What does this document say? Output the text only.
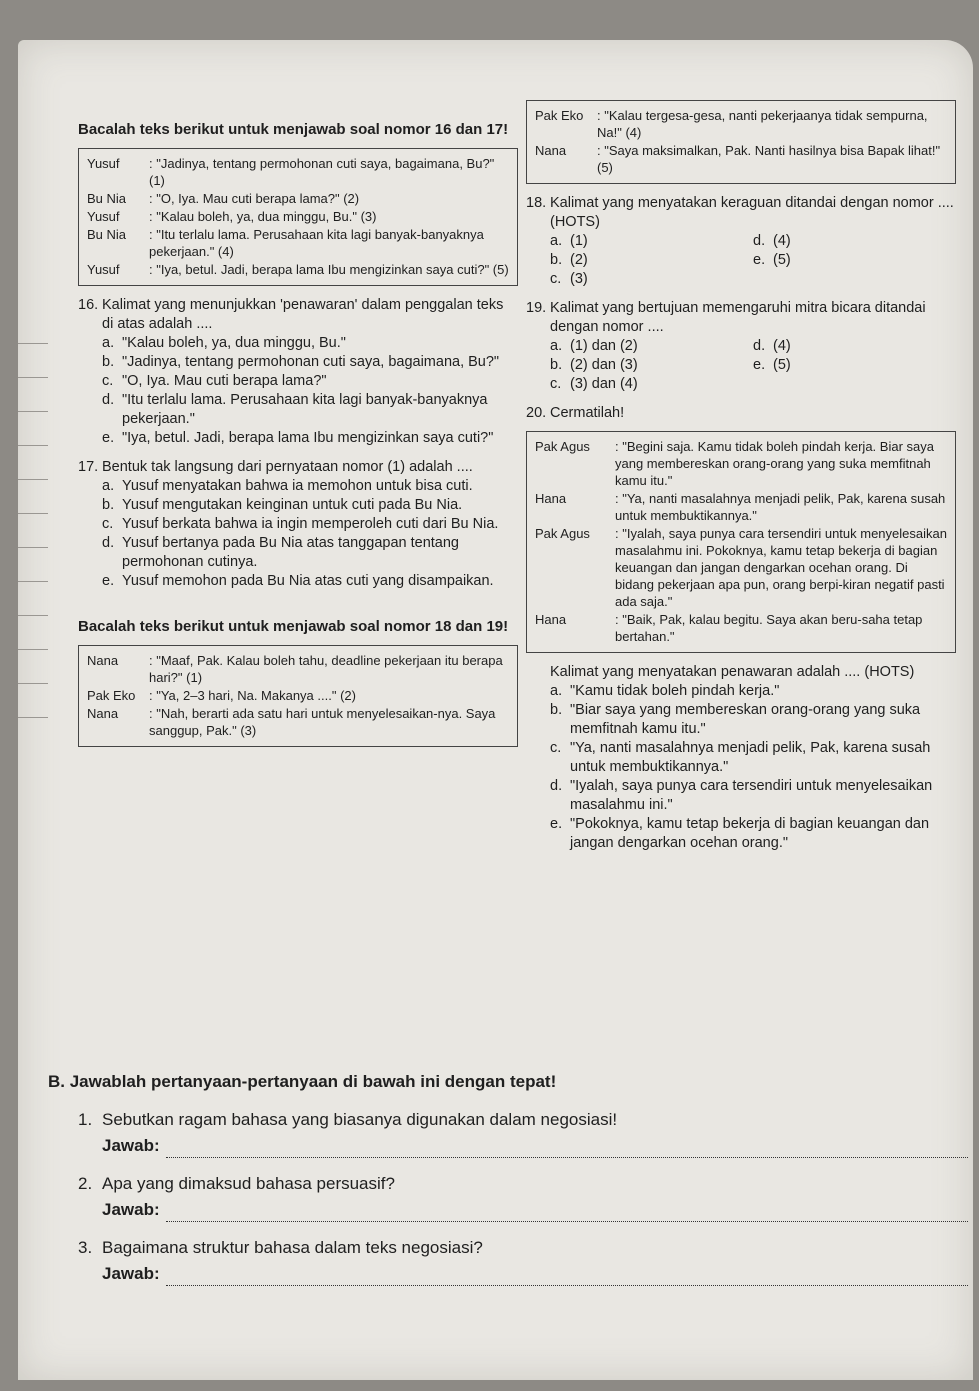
Bacalah teks berikut untuk menjawab soal nomor 16 dan 17!
Yusuf	: "Jadinya, tentang permohonan cuti saya, bagaimana, Bu?" (1)
Bu Nia	: "O, Iya. Mau cuti berapa lama?" (2)
Yusuf	: "Kalau boleh, ya, dua minggu, Bu." (3)
Bu Nia	: "Itu terlalu lama. Perusahaan kita lagi banyak-banyaknya pekerjaan." (4)
Yusuf	: "Iya, betul. Jadi, berapa lama Ibu mengizinkan saya cuti?" (5)
16. Kalimat yang menunjukkan 'penawaran' dalam penggalan teks di atas adalah ....
a. "Kalau boleh, ya, dua minggu, Bu."
b. "Jadinya, tentang permohonan cuti saya, bagaimana, Bu?"
c. "O, Iya. Mau cuti berapa lama?"
d. "Itu terlalu lama. Perusahaan kita lagi banyak-banyaknya pekerjaan."
e. "Iya, betul. Jadi, berapa lama Ibu mengizinkan saya cuti?"
17. Bentuk tak langsung dari pernyataan nomor (1) adalah ....
a. Yusuf menyatakan bahwa ia memohon untuk bisa cuti.
b. Yusuf mengutakan keinginan untuk cuti pada Bu Nia.
c. Yusuf berkata bahwa ia ingin memperoleh cuti dari Bu Nia.
d. Yusuf bertanya pada Bu Nia atas tanggapan tentang permohonan cutinya.
e. Yusuf memohon pada Bu Nia atas cuti yang disampaikan.
Bacalah teks berikut untuk menjawab soal nomor 18 dan 19!
Nana	: "Maaf, Pak. Kalau boleh tahu, deadline pekerjaan itu berapa hari?" (1)
Pak Eko	: "Ya, 2–3 hari, Na. Makanya ...." (2)
Nana	: "Nah, berarti ada satu hari untuk menyelesaikan-nya. Saya sanggup, Pak." (3)
Pak Eko	: "Kalau tergesa-gesa, nanti pekerjaanya tidak sempurna, Na!" (4)
Nana	: "Saya maksimalkan, Pak. Nanti hasilnya bisa Bapak lihat!" (5)
18. Kalimat yang menyatakan keraguan ditandai dengan nomor .... (HOTS)
a. (1)	d. (4)
b. (2)	e. (5)
c. (3)
19. Kalimat yang bertujuan memengaruhi mitra bicara ditandai dengan nomor ....
a. (1) dan (2)	d. (4)
b. (2) dan (3)	e. (5)
c. (3) dan (4)
20. Cermatilah!
Pak Agus	: "Begini saja. Kamu tidak boleh pindah kerja. Biar saya yang membereskan orang-orang yang suka memfitnah kamu itu."
Hana	: "Ya, nanti masalahnya menjadi pelik, Pak, karena susah untuk membuktikannya."
Pak Agus	: "Iyalah, saya punya cara tersendiri untuk menyelesaikan masalahmu ini. Pokoknya, kamu tetap bekerja di bagian keuangan dan jangan dengarkan ocehan orang. Di bidang pekerjaan apa pun, orang berpi-kiran negatif pasti ada saja."
Hana	: "Baik, Pak, kalau begitu. Saya akan beru-saha tetap bertahan."
Kalimat yang menyatakan penawaran adalah .... (HOTS)
a. "Kamu tidak boleh pindah kerja."
b. "Biar saya yang membereskan orang-orang yang suka memfitnah kamu itu."
c. "Ya, nanti masalahnya menjadi pelik, Pak, karena susah untuk membuktikannya."
d. "Iyalah, saya punya cara tersendiri untuk menyelesaikan masalahmu ini."
e. "Pokoknya, kamu tetap bekerja di bagian keuangan dan jangan dengarkan ocehan orang."
B. Jawablah pertanyaan-pertanyaan di bawah ini dengan tepat!
1. Sebutkan ragam bahasa yang biasanya digunakan dalam negosiasi!
Jawab:
2. Apa yang dimaksud bahasa persuasif?
Jawab:
3. Bagaimana struktur bahasa dalam teks negosiasi?
Jawab:
